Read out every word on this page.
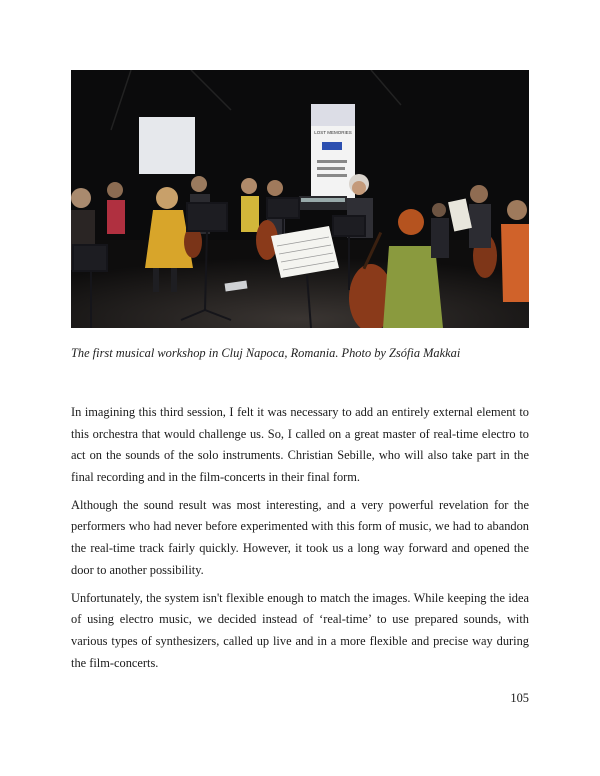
LOST MEMORIES

The first musical workshop in Cluj Napoca, Romania. Photo by Zsófia Makkai

In imagining this third session, I felt it was necessary to add an entirely external element to this orchestra that would challenge us. So, I called on a great master of real-time electro to act on the sounds of the solo instruments. Christian Sebille, who will also take part in the final recording and in the film-concerts in their final form.

Although the sound result was most interesting, and a very powerful revelation for the performers who had never before experimented with this form of music, we had to abandon the real-time track fairly quickly. However, it took us a long way forward and opened the door to another possibility.

Unfortunately, the system isn't flexible enough to match the images. While keeping the idea of using electro music, we decided instead of ‘real-time’ to use prepared sounds, with various types of synthesizers, called up live and in a more flexible and precise way during the film-concerts.

105
